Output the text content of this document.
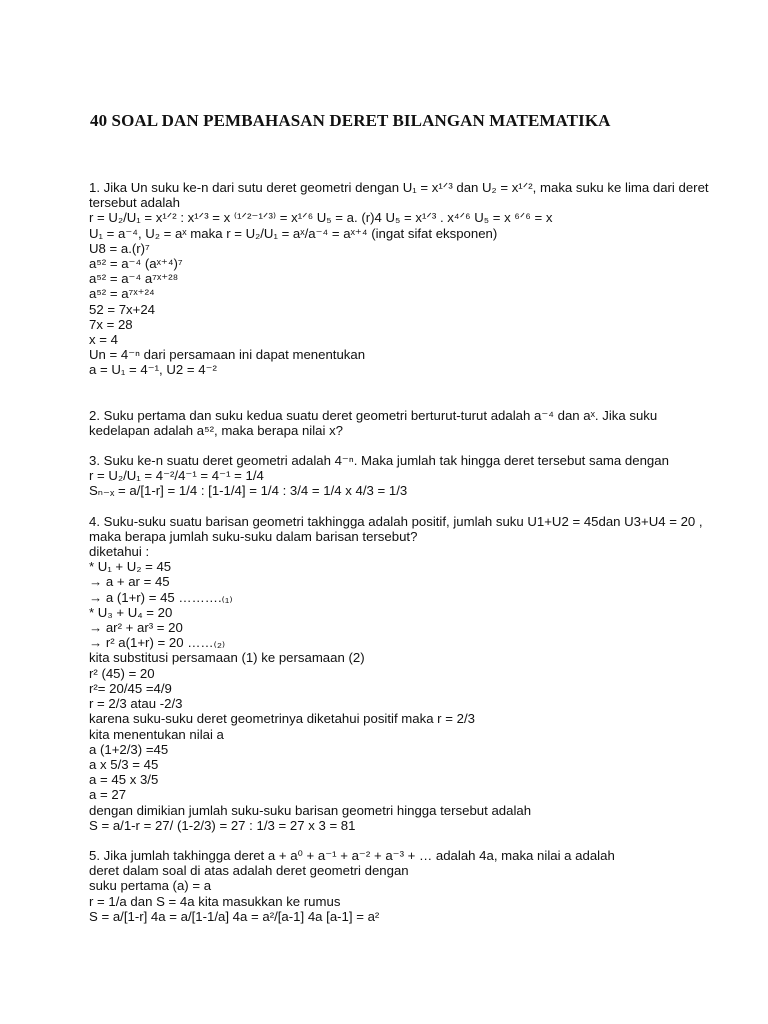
40 SOAL DAN PEMBAHASAN DERET BILANGAN MATEMATIKA
1. Jika Un suku ke-n dari sutu deret geometri dengan U₁ = x¹ᐟ³ dan U₂ = x¹ᐟ², maka suku ke lima dari deret
tersebut adalah
r = U₂/U₁ = x¹ᐟ² : x¹ᐟ³ = x ⁽¹ᐟ²⁻¹ᐟ³⁾ = x¹ᐟ⁶ U₅ = a. (r)4 U₅ = x¹ᐟ³ . x⁴ᐟ⁶ U₅ = x ⁶ᐟ⁶ = x
U₁ = a⁻⁴, U₂ = aˣ maka r = U₂/U₁ = aˣ/a⁻⁴ = aˣ⁺⁴ (ingat sifat eksponen)
U8 = a.(r)⁷
a⁵² = a⁻⁴ (aˣ⁺⁴)⁷
a⁵² = a⁻⁴ a⁷ˣ⁺²⁸
a⁵² = a⁷ˣ⁺²⁴
52 = 7x+24
7x = 28
x = 4
Un = 4⁻ⁿ dari persamaan ini dapat menentukan
a = U₁ = 4⁻¹, U2 = 4⁻²
2. Suku pertama dan suku kedua suatu deret geometri berturut-turut adalah a⁻⁴ dan aˣ. Jika suku
kedelapan adalah a⁵², maka berapa nilai x?
3. Suku ke-n suatu deret geometri adalah 4⁻ⁿ. Maka jumlah tak hingga deret tersebut sama dengan
r = U₂/U₁ = 4⁻²/4⁻¹ = 4⁻¹ = 1/4
Sₙ₋ₓ = a/[1-r] = 1/4 : [1-1/4] = 1/4 : 3/4 = 1/4 x 4/3 = 1/3
4. Suku-suku suatu barisan geometri takhingga adalah positif, jumlah suku U1+U2 = 45dan U3+U4 = 20 ,
maka berapa jumlah suku-suku dalam barisan tersebut?
diketahui :
* U₁ + U₂ = 45
→ a + ar = 45
→ a (1+r) = 45 ……….₍₁₎
* U₃ + U₄ = 20
→ ar² + ar³ = 20
→ r² a(1+r) = 20 ……₍₂₎
kita substitusi persamaan (1) ke persamaan (2)
r² (45) = 20
r²= 20/45 =4/9
r = 2/3 atau -2/3
karena suku-suku deret geometrinya diketahui positif maka r = 2/3
kita menentukan nilai a
a (1+2/3) =45
a x 5/3 = 45
a = 45 x 3/5
a = 27
dengan dimikian jumlah suku-suku barisan geometri hingga tersebut adalah
S = a/1-r = 27/ (1-2/3) = 27 : 1/3 = 27 x 3 = 81
5. Jika jumlah takhingga deret a + a⁰ + a⁻¹ + a⁻² + a⁻³ + … adalah 4a, maka nilai a adalah
deret dalam soal di atas adalah deret geometri dengan
suku pertama (a) = a
r = 1/a dan S = 4a kita masukkan ke rumus
S = a/[1-r] 4a = a/[1-1/a] 4a = a²/[a-1] 4a [a-1] = a²
